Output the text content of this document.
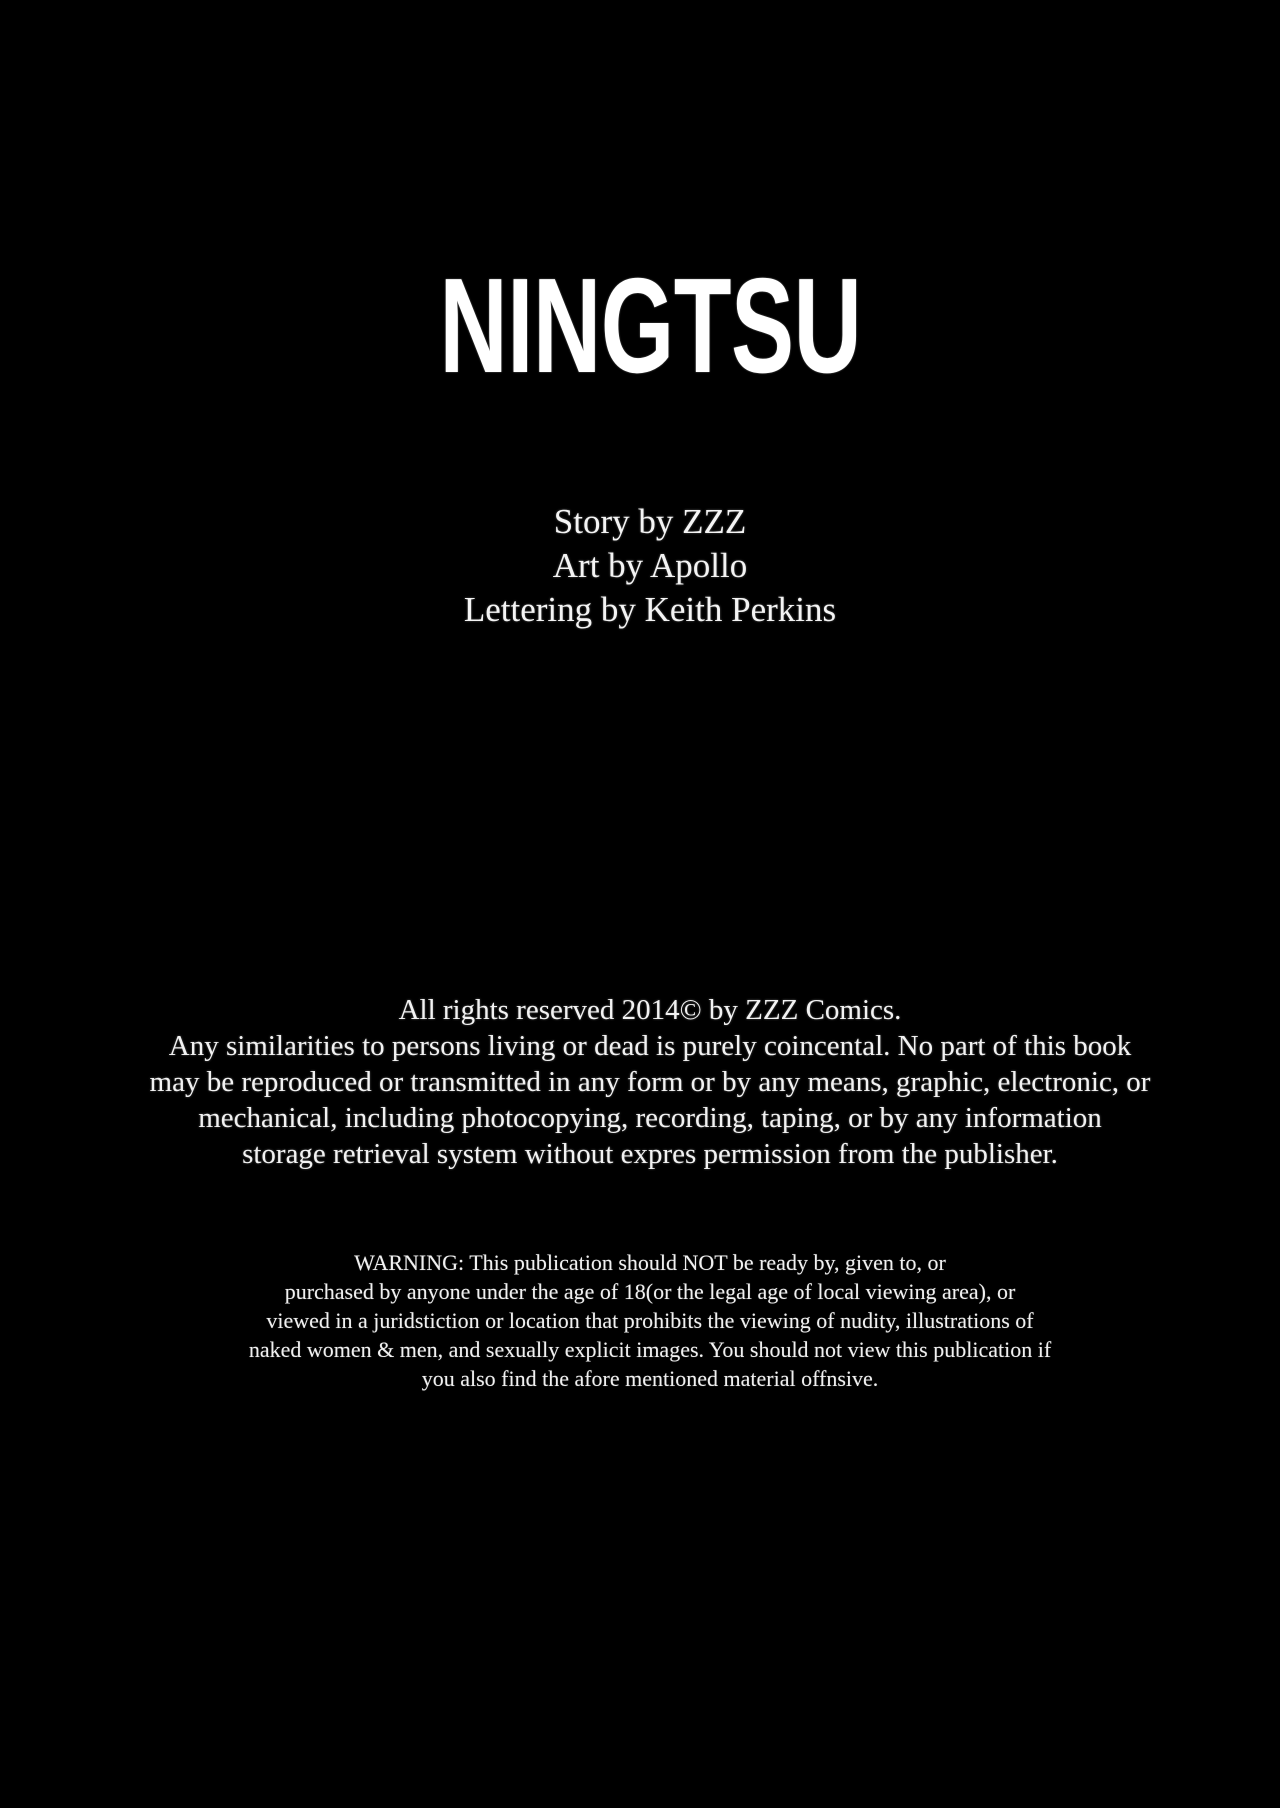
NINGTSU
Story by ZZZ
Art by Apollo
Lettering by Keith Perkins
All rights reserved 2014© by ZZZ Comics.
Any similarities to persons living or dead is purely coincental. No part of this book
may be reproduced or transmitted in any form or by any means, graphic, electronic, or
mechanical, including photocopying, recording, taping, or by any information
storage retrieval system without expres permission from the publisher.
WARNING: This publication should NOT be ready by, given to, or
purchased by anyone under the age of 18(or the legal age of local viewing area), or
viewed in a juridstiction or location that prohibits the viewing of nudity, illustrations of
naked women & men, and sexually explicit images. You should not view this publication if
you also find the afore mentioned material offnsive.
